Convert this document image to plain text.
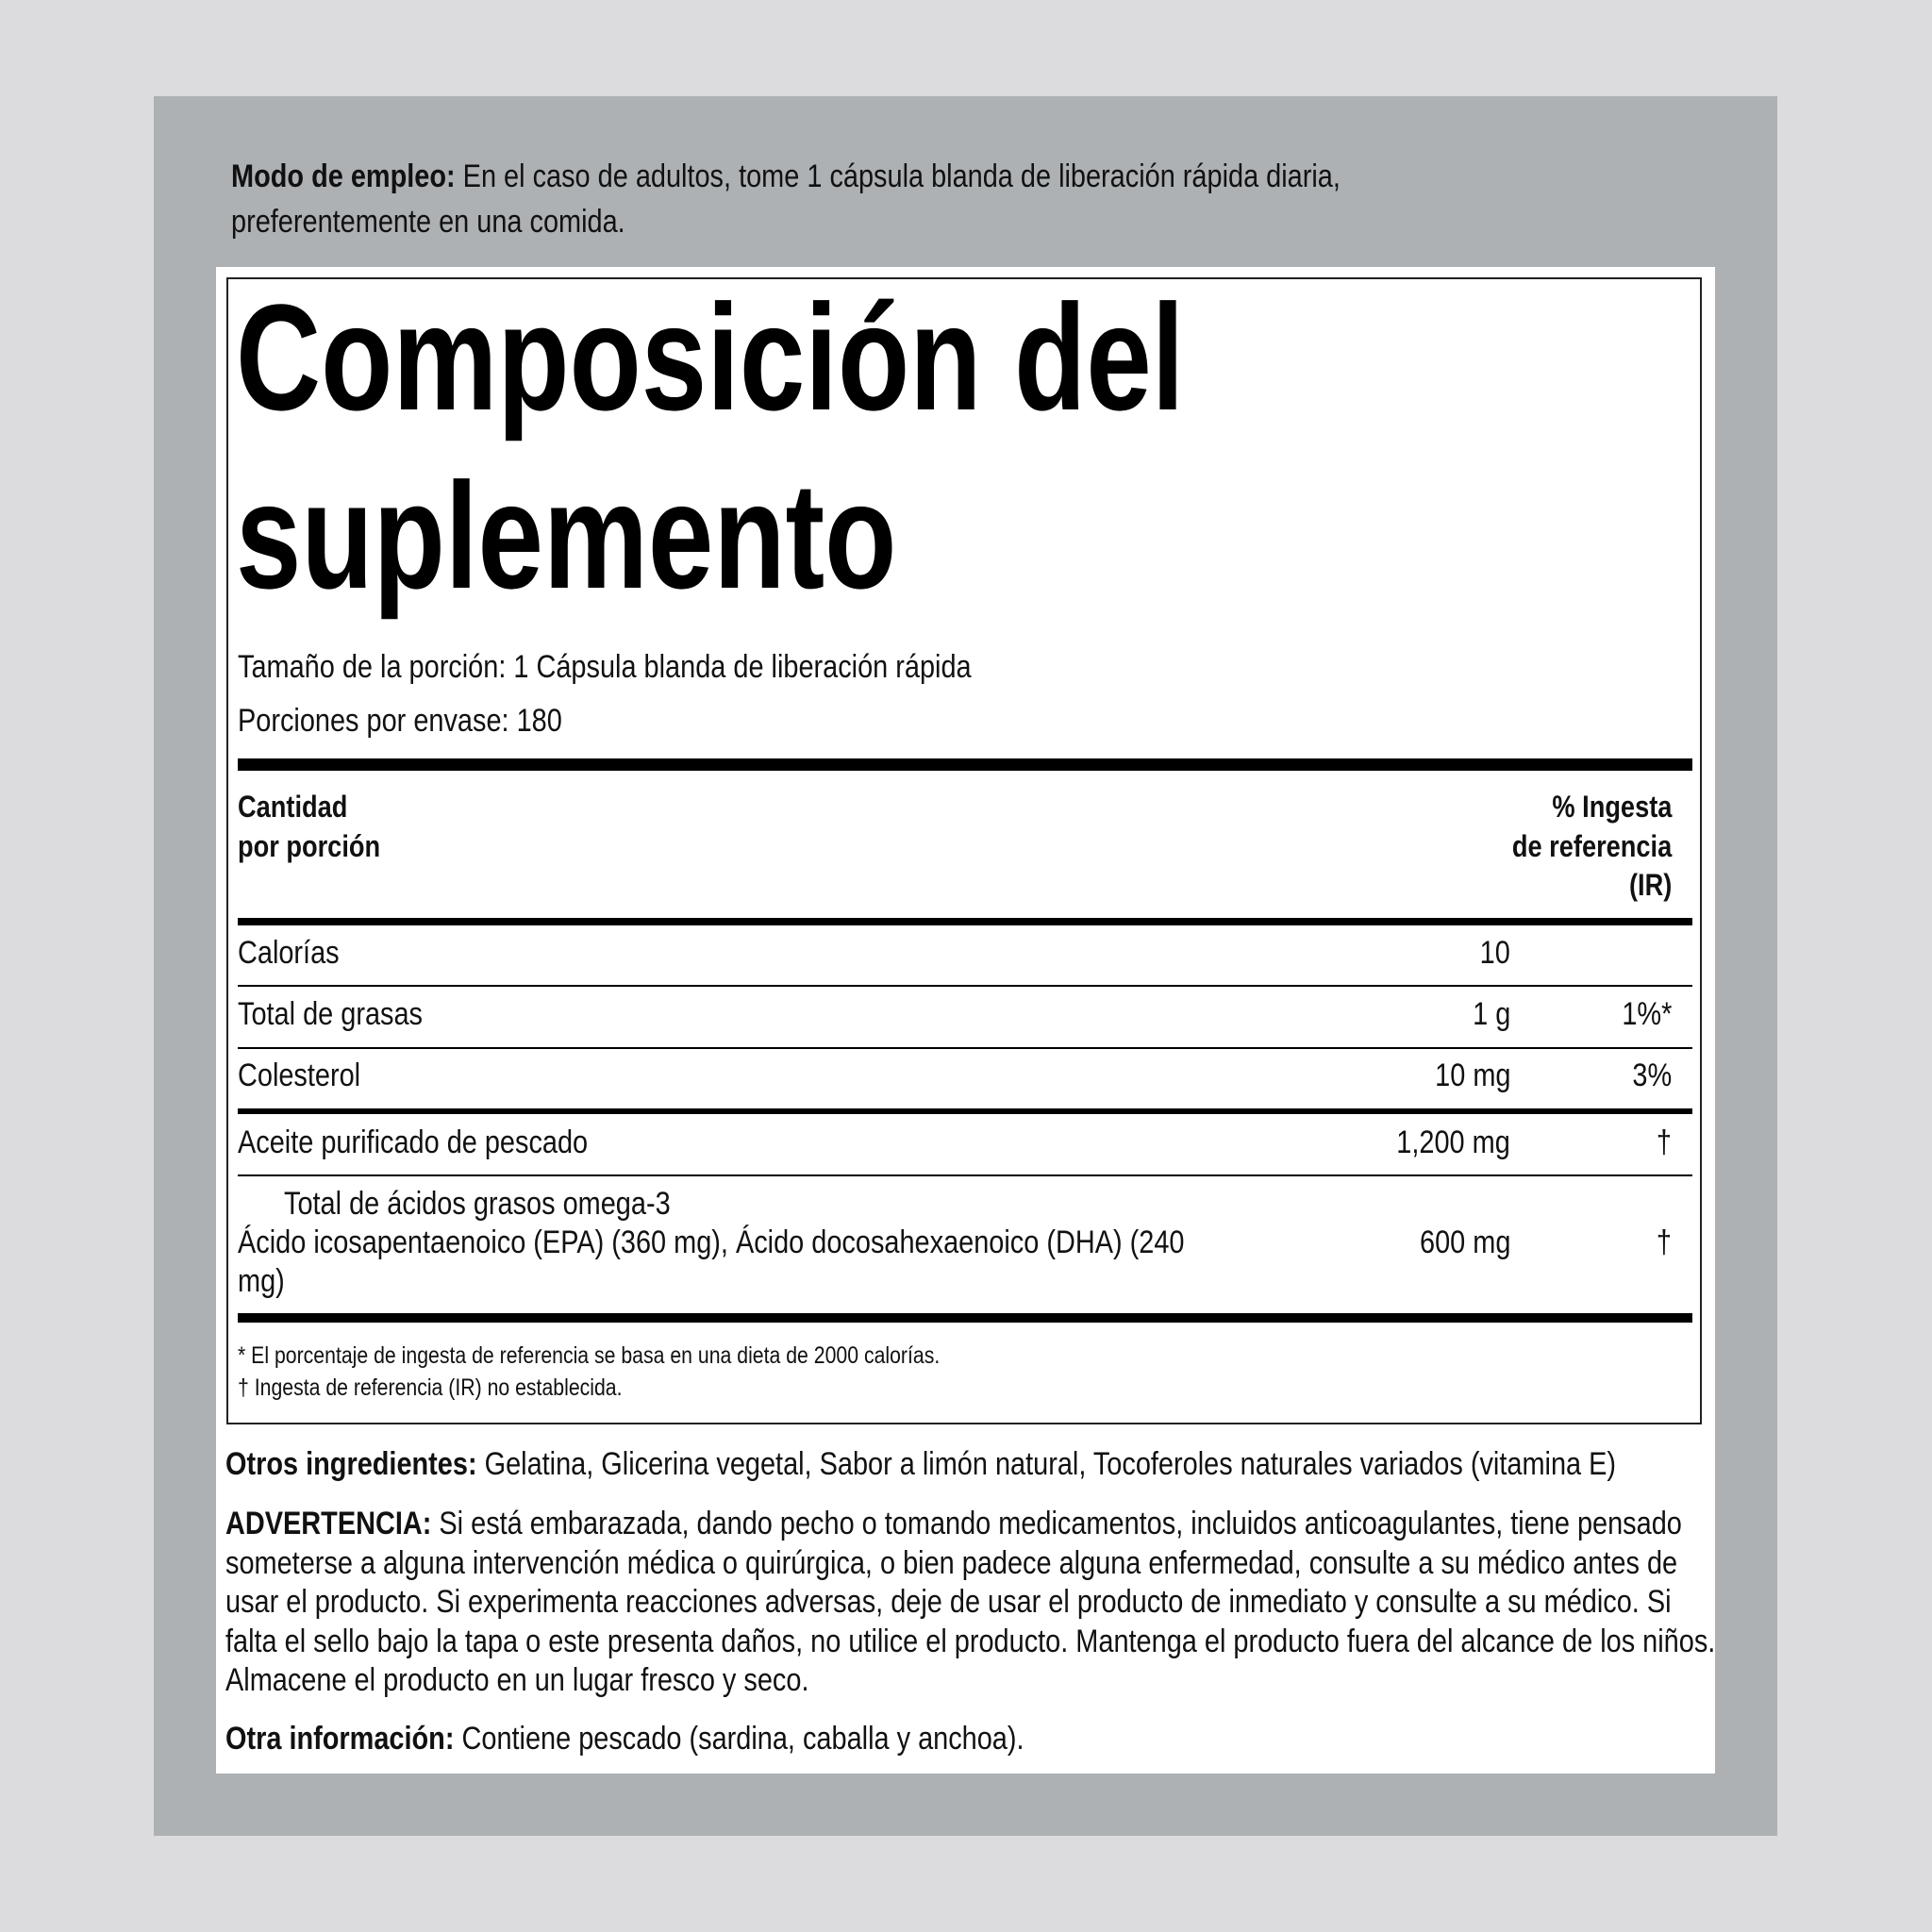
Modo de empleo: En el caso de adultos, tome 1 cápsula blanda de liberación rápida diaria,
preferentemente en una comida.
Composición del
suplemento
Tamaño de la porción: 1 Cápsula blanda de liberación rápida
Porciones por envase: 180
Cantidad
por porción
% Ingesta
de referencia
(IR)
Calorías	10
Total de grasas	1 g	1%*
Colesterol	10 mg	3%
Aceite purificado de pescado	1,200 mg	†
Total de ácidos grasos omega-3
Ácido icosapentaenoico (EPA) (360 mg), Ácido docosahexaenoico (DHA) (240
mg)
600 mg	†
* El porcentaje de ingesta de referencia se basa en una dieta de 2000 calorías.
† Ingesta de referencia (IR) no establecida.
Otros ingredientes: Gelatina, Glicerina vegetal, Sabor a limón natural, Tocoferoles naturales variados (vitamina E)
ADVERTENCIA: Si está embarazada, dando pecho o tomando medicamentos, incluidos anticoagulantes, tiene pensado someterse a alguna intervención médica o quirúrgica, o bien padece alguna enfermedad, consulte a su médico antes de usar el producto. Si experimenta reacciones adversas, deje de usar el producto de inmediato y consulte a su médico. Si falta el sello bajo la tapa o este presenta daños, no utilice el producto. Mantenga el producto fuera del alcance de los niños. Almacene el producto en un lugar fresco y seco.
Otra información: Contiene pescado (sardina, caballa y anchoa).
